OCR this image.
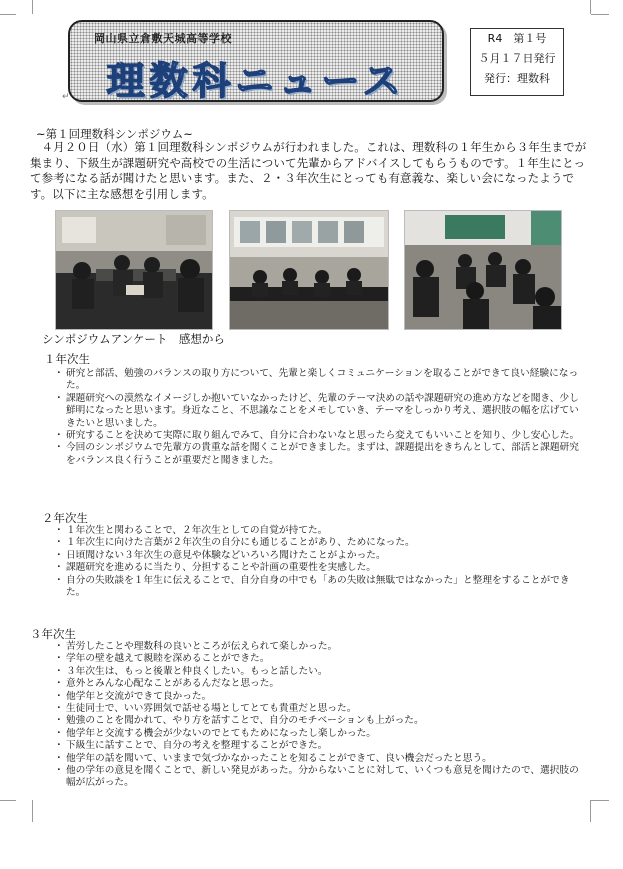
岡山県立倉敷天城高等学校
理数科ニュース
↵
R4　第１号
５月１７日発行
発行：理数科
~第１回理数科シンポジウム~

４月２０日（水）第１回理数科シンポジウムが行われました。これは、理数科の１年生から３年生までが集まり、下級生が課題研究や高校での生活について先輩からアドバイスしてもらうものです。１年生にとって参考になる話が聞けたと思います。また、２・３年次生にとっても有意義な、楽しい会になったようです。以下に主な感想を引用します。

シンポジウムアンケート　感想から
１年次生
・ 研究と部活、勉強のバランスの取り方について、先輩と楽しくコミュニケーションを取ることができて良い経験になった。
・ 課題研究への漠然なイメージしか抱いていなかったけど、先輩のテーマ決めの話や課題研究の進め方などを聞き、少し鮮明になったと思います。身近なこと、不思議なことをメモしていき、テーマをしっかり考え、選択肢の幅を広げていきたいと思いました。
・ 研究することを決めて実際に取り組んでみて、自分に合わないなと思ったら変えてもいいことを知り、少し安心した。
・ 今回のシンポジウムで先輩方の貴重な話を聞くことができました。まずは、課題提出をきちんとして、部活と課題研究をバランス良く行うことが重要だと聞きました。
２年次生
・ １年次生と関わることで、２年次生としての自覚が持てた。
・ １年次生に向けた言葉が２年次生の自分にも通じることがあり、ためになった。
・ 日頃聞けない３年次生の意見や体験などいろいろ聞けたことがよかった。
・ 課題研究を進めるに当たり、分担することや計画の重要性を実感した。
・ 自分の失敗談を１年生に伝えることで、自分自身の中でも「あの失敗は無駄ではなかった」と整理をすることができた。
３年次生
・ 苦労したことや理数科の良いところが伝えられて楽しかった。
・ 学年の壁を越えて親睦を深めることができた。
・ ３年次生は、もっと後輩と仲良くしたい。もっと話したい。
・ 意外とみんな心配なことがあるんだなと思った。
・ 他学年と交流ができて良かった。
・ 生徒同士で、いい雰囲気で話せる場としてとても貴重だと思った。
・ 勉強のことを聞かれて、やり方を話すことで、自分のモチベーションも上がった。
・ 他学年と交流する機会が少ないのでとてもためになったし楽しかった。
・ 下級生に話すことで、自分の考えを整理することができた。
・ 他学年の話を聞いて、いままで気づかなかったことを知ることができて、良い機会だったと思う。
・ 他の学年の意見を聞くことで、新しい発見があった。分からないことに対して、いくつも意見を聞けたので、選択肢の幅が広がった。
